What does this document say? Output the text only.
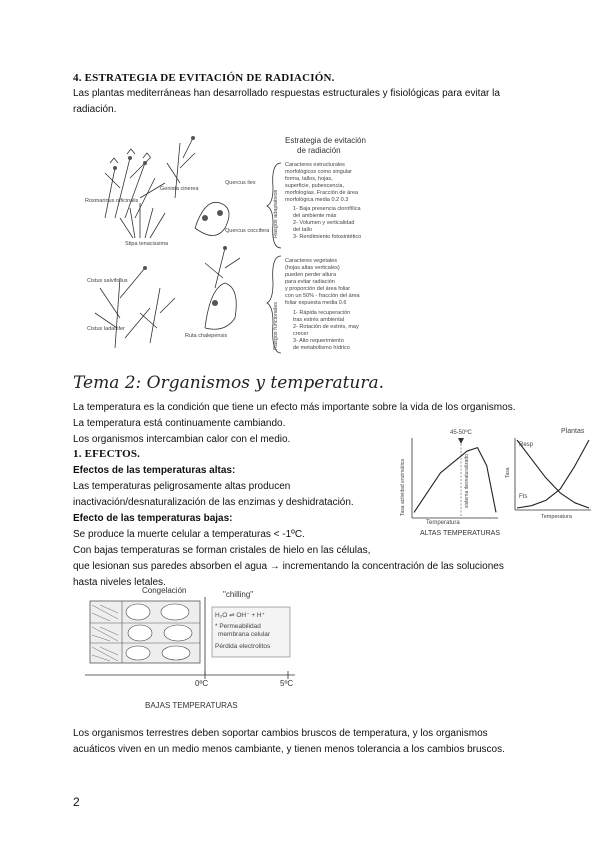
4. ESTRATEGIA DE EVITACIÓN DE RADIACIÓN.
Las plantas mediterráneas han desarrollado respuestas estructurales y fisiológicas para evitar la
radiación.
Rosmarinus officinalis
Genista cinerea
Quercus ilex
Stipa tenacissima
Quercus coccifera
Cistus salvifolius
Cistus ladanifer
Ruta chalepensis
Estrategia de evitación
de radiación
Caracteres estructurales
morfológicos como singular
forma, tallos, hojas,
superficie, pubescencia,
morfologías. Fracción de área
morfológica media 0.2 0.3
Rasgos adaptativos	1- Baja presencia clorofílica
del ambiente más
2- Volumen y verticalidad
del tallo
3- Rendimiento fotosintético
Caracteres vegetales
(hojas altas verticales)
pueden perder altura
para evitar radiación
y proporción del área foliar
con un 50% - fracción del área
foliar expuesta media 0.6
Rasgos funcionales	1- Rápida recuperación
tras estrés ambiental
2- Rotación de estrés, may
crecer
3- Alto requerimiento
de metabolismo hídrico
Tema 2: Organismos y temperatura.
La temperatura es la condición que tiene un efecto más importante sobre la vida de los organismos.
La temperatura está continuamente cambiando.
Los organismos intercambian calor con el medio.
1. EFECTOS.
Efectos de las temperaturas altas:
Las temperaturas peligrosamente altas producen
inactivación/desnaturalización de las enzimas y deshidratación.
Efecto de las temperaturas bajas:
Se produce la muerte celular a temperaturas < -1ºC.
Con bajas temperaturas se forman cristales de hielo en las células,
que lesionan sus paredes absorben el agua → incrementando la concentración de las soluciones
hasta niveles letales.
45-50ºC
sistema desnaturalizado
Tasa actividad enzimática
Temperatura
ALTAS TEMPERATURAS
Plantas
Resp
Fts
Tasa
Temperatura
Congelación	"chilling"
H₂O ⇌ OH⁻ + H⁺
* Permeabilidad
membrana celular
Pérdida electrolitos
0ºC	5ºC
BAJAS TEMPERATURAS
Los organismos terrestres deben soportar cambios bruscos de temperatura, y los organismos
acuáticos viven en un medio menos cambiante, y tienen menos tolerancia a los cambios bruscos.
2
